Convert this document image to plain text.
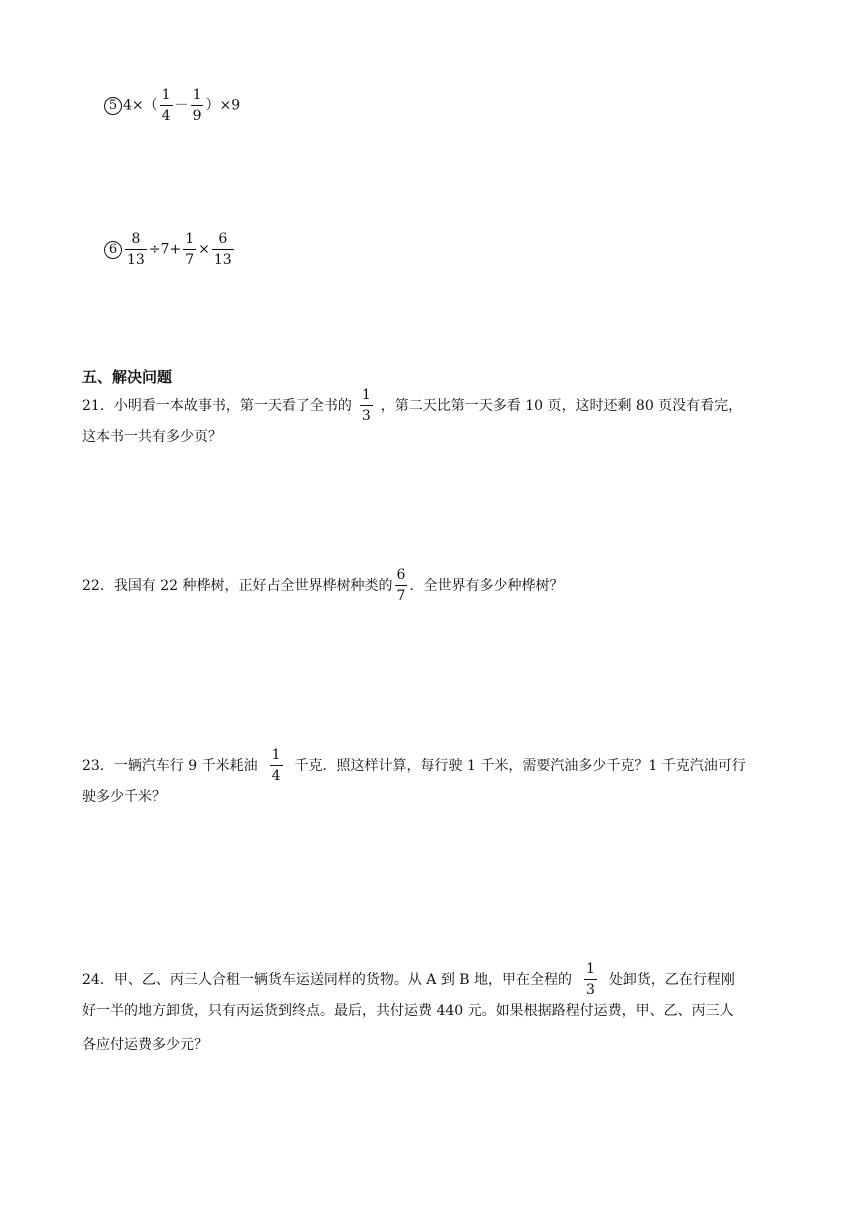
5 $4\times( \frac{1}{4} - \frac{1}{9} )\times 9$
$6 \frac{8}{13} \div 7+ \frac{1}{7} \times \frac{6}{13}$
五、解决问题
21．小明看一本故事书，第一天看了全书的 $\frac{1}{3}$ ，第二天比第一天多看 10 页，这时还剩 80 页没有看完，
这本书一共有多少页？
22．我国有 22 种桦树，正好占全世界桦树种类的 $\frac{6}{7}$ ．全世界有多少种桦树？
23．一辆汽车行 9 千米耗油 $\frac{1}{4}$ 千克．照这样计算，每行驶 1 千米，需要汽油多少千克？1 千克汽油可行
驶多少千米？
24．甲、乙、丙三人合租一辆货车运送同样的货物。从 A 到 B 地，甲在全程的 $\frac{1}{3}$ 处卸货，乙在行程刚
好一半的地方卸货，只有丙运货到终点。最后，共付运费 440 元。如果根据路程付运费，甲、乙、丙三人
各应付运费多少元？
